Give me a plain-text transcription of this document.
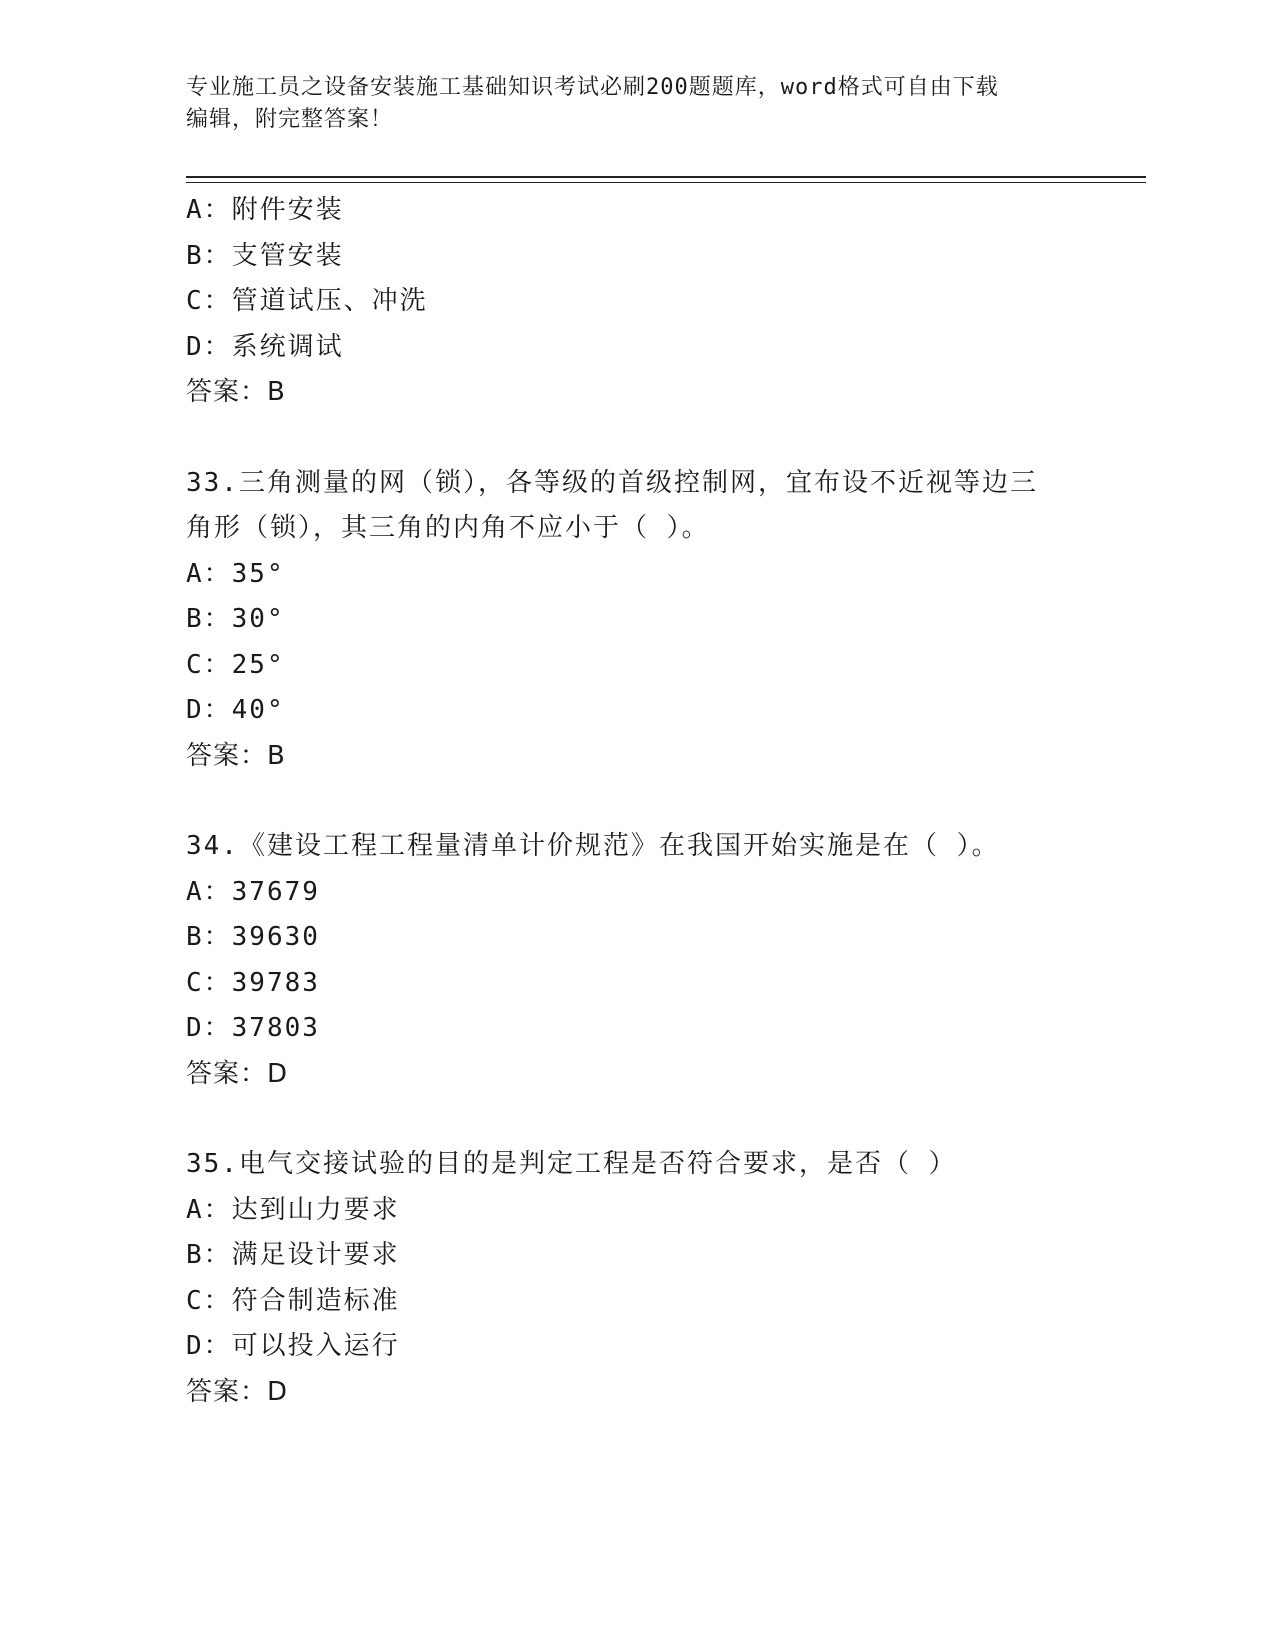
专业施工员之设备安装施工基础知识考试必刷200题题库，word格式可自由下载
编辑，附完整答案！
A：附件安装
B：支管安装
C：管道试压、冲洗
D：系统调试
答案：B
33.三角测量的网（锁），各等级的首级控制网，宜布设不近视等边三
角形（锁），其三角的内角不应小于（ ）。
A：35°
B：30°
C：25°
D：40°
答案：B
34.《建设工程工程量清单计价规范》在我国开始实施是在（ ）。
A：37679
B：39630
C：39783
D：37803
答案：D
35.电气交接试验的目的是判定工程是否符合要求，是否（ ）
A：达到山力要求
B：满足设计要求
C：符合制造标准
D：可以投入运行
答案：D
